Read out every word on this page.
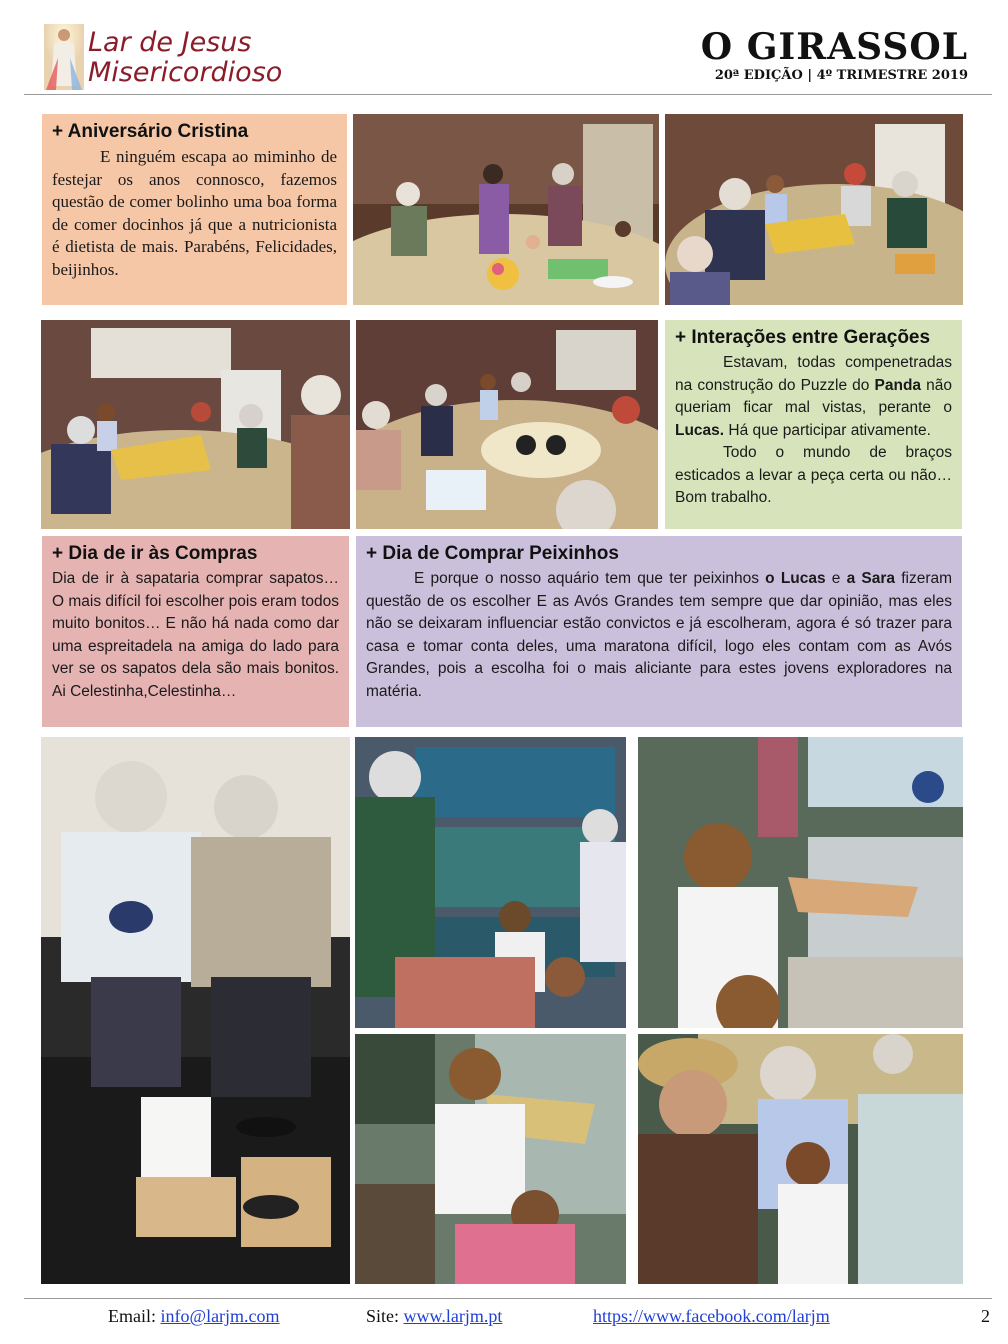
Lar de Jesus
Misericordioso
O GIRASSOL
20ª EDIÇÃO | 4º TRIMESTRE 2019
+ Aniversário Cristina

E ninguém escapa ao miminho de festejar os anos connosco, fazemos questão de comer bolinho uma boa forma de comer docinhos já que a nutricionista é dietista de mais. Parabéns, Felicidades, beijinhos.

+ Interações entre Gerações

Estavam, todas compenetradas na construção do Puzzle do Panda não queriam ficar mal vistas, perante o Lucas. Há que participar ativamente.

Todo o mundo de braços esticados a levar a peça certa ou não… Bom trabalho.

+ Dia de ir às Compras

Dia de ir à sapataria comprar sapatos… O mais difícil foi escolher pois eram todos muito bonitos… E não há nada como dar uma espreitadela na amiga do lado para ver se os sapatos dela são mais bonitos. Ai Celestinha,Celestinha…

+ Dia de Comprar Peixinhos

E porque o nosso aquário tem que ter peixinhos o Lucas e a Sara fizeram questão de os escolher E as Avós Grandes tem sempre que dar opinião, mas eles não se deixaram influenciar estão convictos e já escolheram, agora é só trazer para casa e tomar conta deles, uma maratona difícil, logo eles contam com as Avós Grandes, pois a escolha foi o mais aliciante para estes jovens exploradores na matéria.

Email: info@larjm.com	Site: www.larjm.pt	https://www.facebook.com/larjm	2
